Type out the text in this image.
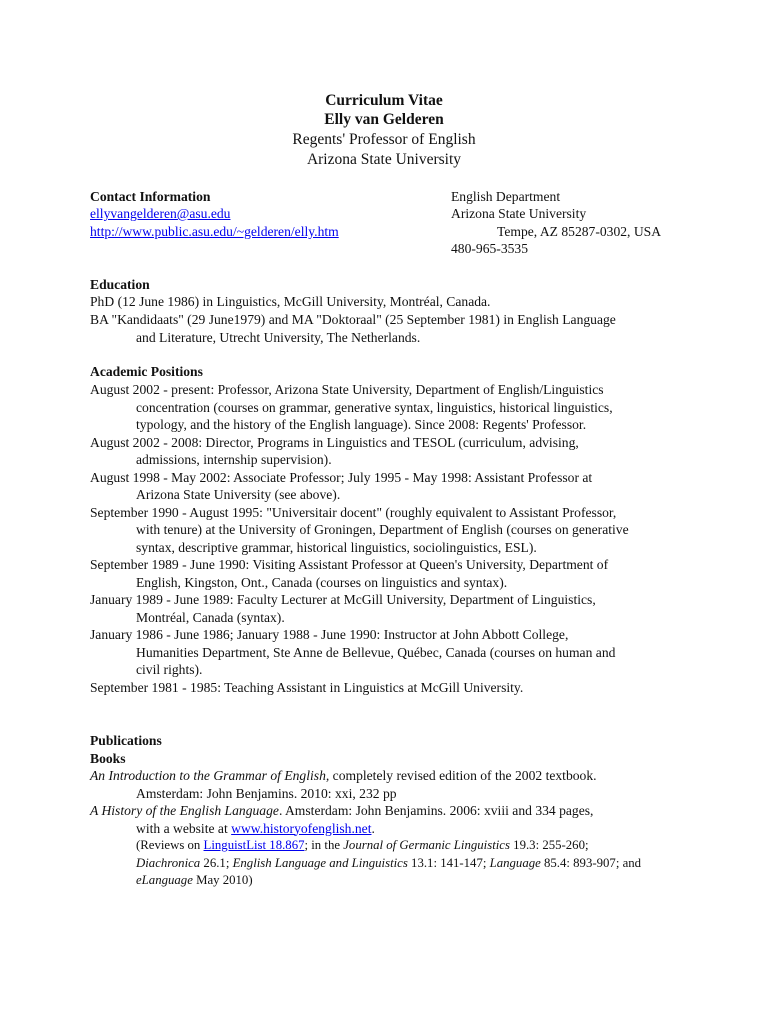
Curriculum Vitae
Elly van Gelderen
Regents' Professor of English
Arizona State University
Contact Information
ellyvangelderen@asu.edu
http://www.public.asu.edu/~gelderen/elly.htm
English Department
Arizona State University
Tempe, AZ 85287-0302, USA
480-965-3535
Education
PhD (12 June 1986) in Linguistics, McGill University, Montréal, Canada.
BA "Kandidaats" (29 June1979) and MA "Doktoraal" (25 September 1981) in English Language
and Literature, Utrecht University, The Netherlands.
Academic Positions
August 2002 - present: Professor, Arizona State University, Department of English/Linguistics
concentration (courses on grammar, generative syntax, linguistics, historical linguistics,
typology, and the history of the English language). Since 2008: Regents' Professor.
August 2002 - 2008: Director, Programs in Linguistics and TESOL (curriculum, advising,
admissions, internship supervision).
August 1998 - May 2002: Associate Professor; July 1995 - May 1998: Assistant Professor at
Arizona State University (see above).
September 1990 - August 1995: "Universitair docent" (roughly equivalent to Assistant Professor,
with tenure) at the University of Groningen, Department of English (courses on generative
syntax, descriptive grammar, historical linguistics, sociolinguistics, ESL).
September 1989 - June 1990: Visiting Assistant Professor at Queen's University, Department of
English, Kingston, Ont., Canada (courses on linguistics and syntax).
January 1989 - June 1989: Faculty Lecturer at McGill University, Department of Linguistics,
Montréal, Canada (syntax).
January 1986 - June 1986; January 1988 - June 1990: Instructor at John Abbott College,
Humanities Department, Ste Anne de Bellevue, Québec, Canada (courses on human and
civil rights).
September 1981 - 1985: Teaching Assistant in Linguistics at McGill University.
Publications
Books
An Introduction to the Grammar of English, completely revised edition of the 2002 textbook.
Amsterdam: John Benjamins. 2010: xxi, 232 pp
A History of the English Language. Amsterdam: John Benjamins. 2006: xviii and 334 pages,
with a website at www.historyofenglish.net.
(Reviews on LinguistList 18.867; in the Journal of Germanic Linguistics 19.3: 255-260;
Diachronica 26.1; English Language and Linguistics 13.1: 141-147; Language 85.4: 893-907; and
eLanguage May 2010)
